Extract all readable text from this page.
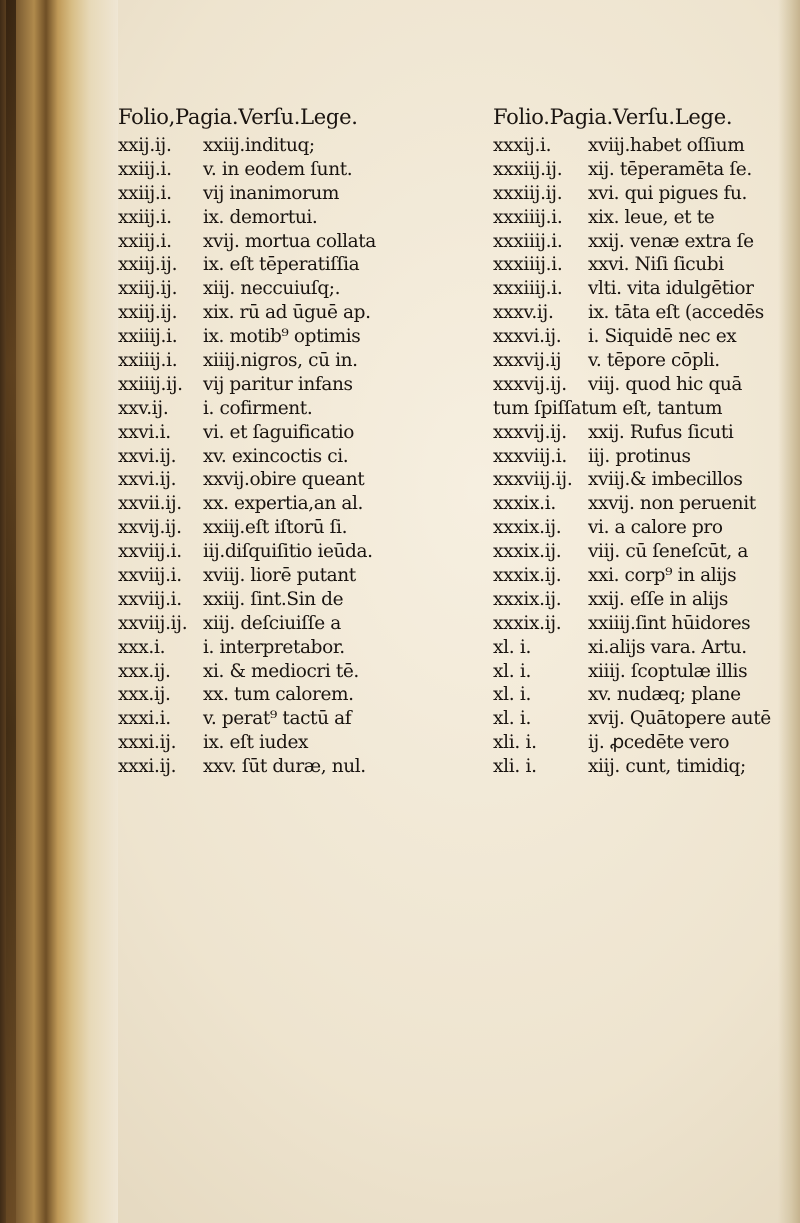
Folio,Pagia.Verſu.Lege.
xxij.ij.	xxiij.indituq;
xxiij.i.	v. in eodem ſunt.
xxiij.i.	vij inanimorum
xxiij.i.	ix. demortui.
xxiij.i.	xvij. mortua collata
xxiij.ij.	ix. eſt tēperatiſſia
xxiij.ij.	xiij. neccuiuſq;.
xxiij.ij.	xix. rū ad ūguē ap.
xxiiij.i.	ix. motib⁹ optimis
xxiiij.i.	xiiij.nigros, cū in.
xxiiij.ij.	vij paritur infans
xxv.ij.	i. cofirment.
xxvi.i.	vi. et ſaguificatio
xxvi.ij.	xv. exincoctis ci.
xxvi.ij.	xxvij.obire queant
xxvii.ij.	xx. expertia,an al.
xxvij.ij.	xxiij.eſt iſtorū ſi.
xxviij.i.	iij.diſquiſitio ieūda.
xxviij.i.	xviij. liorē putant
xxviij.i.	xxiij. ſint.Sin de
xxviij.ij. xiij. deſciuiſſe a
xxx.i.	i. interpretabor.
xxx.ij.	xi. & mediocri tē.
xxx.ij.	xx. tum calorem.
xxxi.i.	v. perat⁹ tactū af
xxxi.ij.	ix. eſt iudex
xxxi.ij.	xxv. ſūt duræ, nul.
Folio.Pagia.Verſu.Lege.
xxxij.i.	xviij.habet oſſium
xxxiij.ij.	xij. tēperamēta ſe.
xxxiij.ij.	xvi. qui pigues fu.
xxxiiij.i.	xix. leue, et te
xxxiiij.i.	xxij. venæ extra ſe
xxxiiij.i.	xxvi. Niſi ſicubi
xxxiiij.i.	vlti. vita idulgētior
xxxv.ij.	ix. tāta eſt (accedēs
xxxvi.ij.	i. Siquidē nec ex
xxxvij.ij	v. tēpore cōpli.
xxxvij.ij.	viij. quod hic quā
tum ſpiſſatum eſt, tantum
xxxvij.ij.	xxij. Rufus ſicuti
xxxviij.i.	iij. protinus
xxxviij.ij. xviij.& imbecillos
xxxix.i.	xxvij. non peruenit
xxxix.ij.	vi. a calore pro
xxxix.ij.	viij. cū ſeneſcūt, a
xxxix.ij.	xxi. corp⁹ in alijs
xxxix.ij.	xxij. eſſe in alijs
xxxix.ij.	xxiiij.ſint hūidores
xl. i.	xi.alijs vara. Artu.
xl. i.	xiiij. ſcoptulæ illis
xl. i.	xv. nudæq; plane
xl. i.	xvij. Quātopere autē
xli. i.	ij. ꝓcedēte vero
xli. i.	xiij. cunt, timidiq;
